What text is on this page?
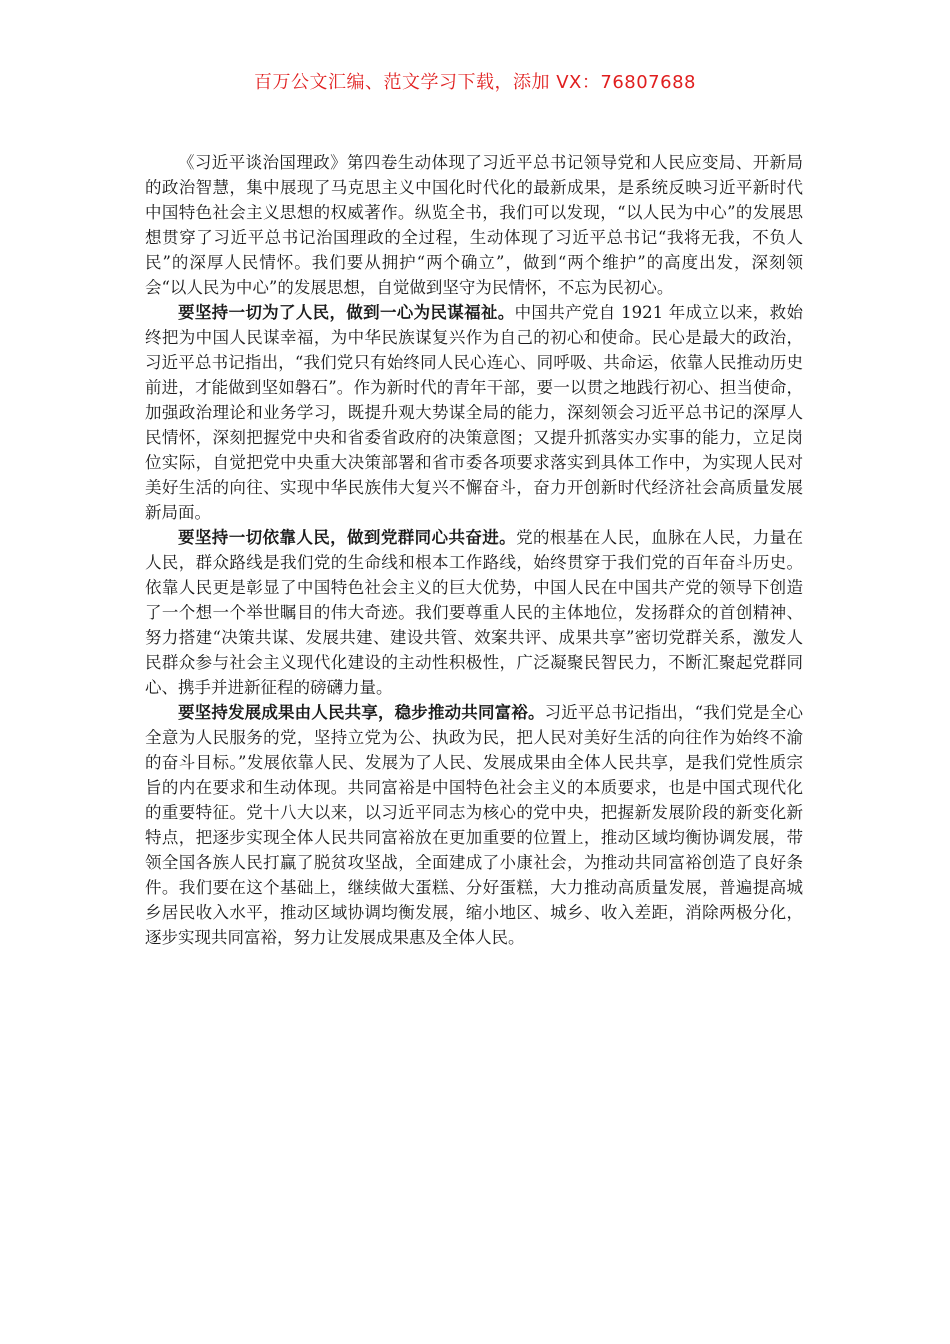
百万公文汇编、范文学习下载，添加 VX：76807688

《习近平谈治国理政》第四卷生动体现了习近平总书记领导党和人民应变局、开新局的政治智慧，集中展现了马克思主义中国化时代化的最新成果，是系统反映习近平新时代中国特色社会主义思想的权威著作。纵览全书，我们可以发现，“以人民为中心”的发展思想贯穿了习近平总书记治国理政的全过程，生动体现了习近平总书记“我将无我，不负人民”的深厚人民情怀。我们要从拥护“两个确立”，做到“两个维护”的高度出发，深刻领会“以人民为中心”的发展思想，自觉做到坚守为民情怀，不忘为民初心。

要坚持一切为了人民，做到一心为民谋福祉。中国共产党自 1921 年成立以来，救始终把为中国人民谋幸福，为中华民族谋复兴作为自己的初心和使命。民心是最大的政治，习近平总书记指出，“我们党只有始终同人民心连心、同呼吸、共命运，依靠人民推动历史前进，才能做到坚如磐石”。作为新时代的青年干部，要一以贯之地践行初心、担当使命，加强政治理论和业务学习，既提升观大势谋全局的能力，深刻领会习近平总书记的深厚人民情怀，深刻把握党中央和省委省政府的决策意图；又提升抓落实办实事的能力，立足岗位实际，自觉把党中央重大决策部署和省市委各项要求落实到具体工作中，为实现人民对美好生活的向往、实现中华民族伟大复兴不懈奋斗，奋力开创新时代经济社会高质量发展新局面。

要坚持一切依靠人民，做到党群同心共奋进。党的根基在人民，血脉在人民，力量在人民，群众路线是我们党的生命线和根本工作路线，始终贯穿于我们党的百年奋斗历史。依靠人民更是彰显了中国特色社会主义的巨大优势，中国人民在中国共产党的领导下创造了一个想一个举世瞩目的伟大奇迹。我们要尊重人民的主体地位，发扬群众的首创精神、努力搭建“决策共谋、发展共建、建设共管、效案共评、成果共享”密切党群关系，激发人民群众参与社会主义现代化建设的主动性积极性，广泛凝聚民智民力，不断汇聚起党群同心、携手并进新征程的磅礴力量。

要坚持发展成果由人民共享，稳步推动共同富裕。习近平总书记指出，“我们党是全心全意为人民服务的党，坚持立党为公、执政为民，把人民对美好生活的向往作为始终不渝的奋斗目标。”发展依靠人民、发展为了人民、发展成果由全体人民共享，是我们党性质宗旨的内在要求和生动体现。共同富裕是中国特色社会主义的本质要求，也是中国式现代化的重要特征。党十八大以来，以习近平同志为核心的党中央，把握新发展阶段的新变化新特点，把逐步实现全体人民共同富裕放在更加重要的位置上，推动区域均衡协调发展，带领全国各族人民打赢了脱贫攻坚战，全面建成了小康社会，为推动共同富裕创造了良好条件。我们要在这个基础上，继续做大蛋糕、分好蛋糕，大力推动高质量发展，普遍提高城乡居民收入水平，推动区域协调均衡发展，缩小地区、城乡、收入差距，消除两极分化，逐步实现共同富裕，努力让发展成果惠及全体人民。
